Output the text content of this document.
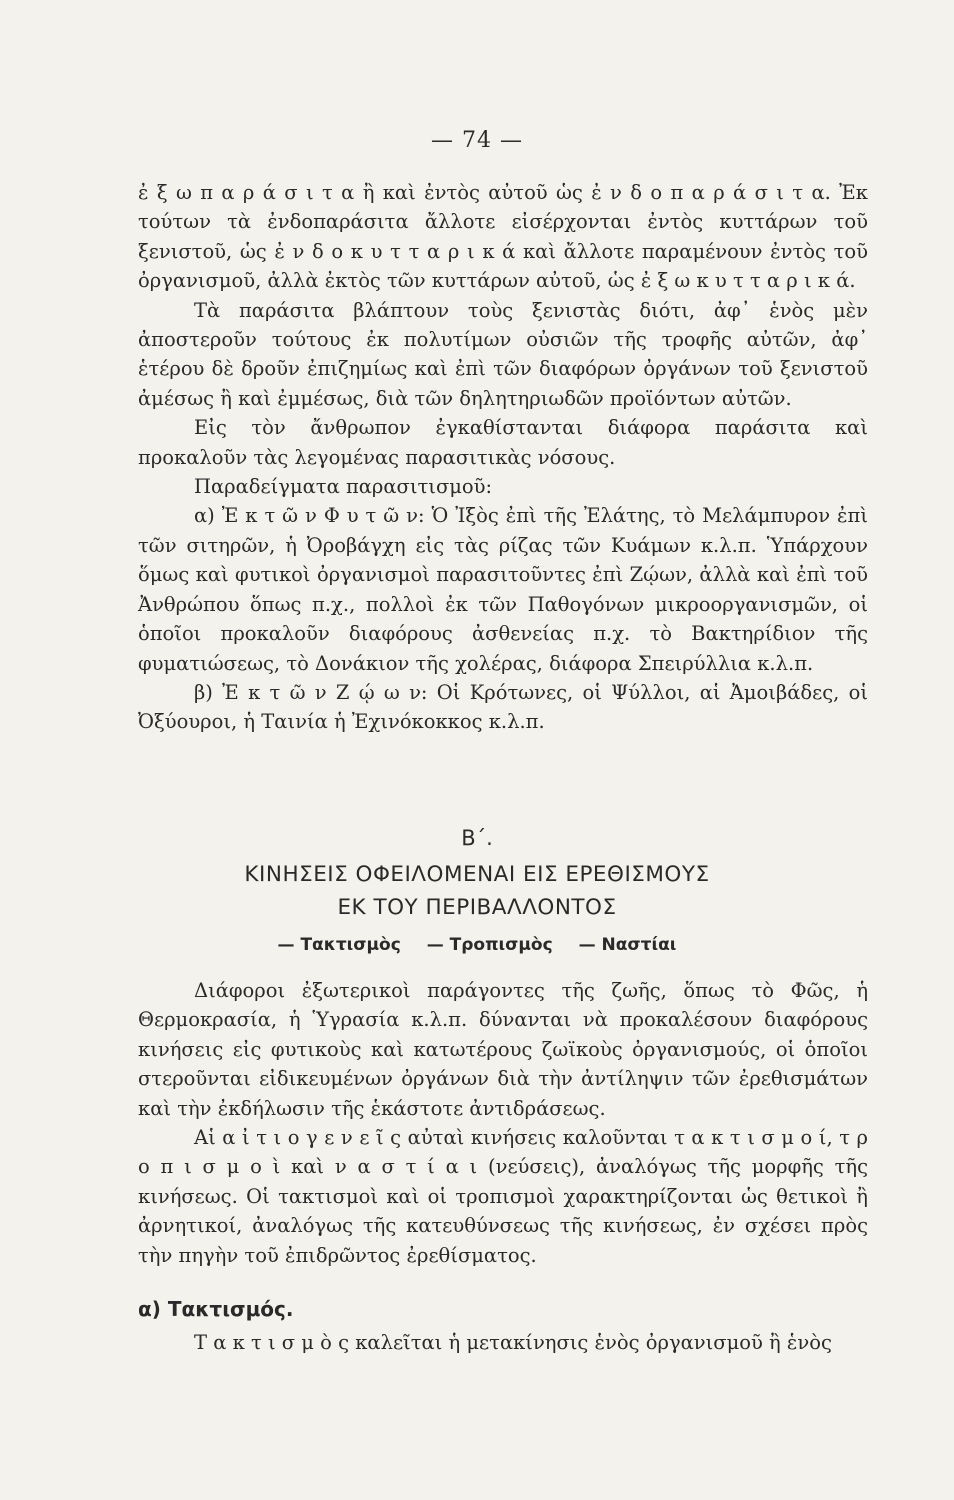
— 74 —

ἐ ξ ω π α ρ ά σ ι τ α ἢ καὶ ἐντὸς αὐτοῦ ὡς ἐ ν δ ο π α ρ ά σ ι τ α. Ἐκ τούτων τὰ ἐνδοπαράσιτα ἄλλοτε εἰσέρχονται ἐντὸς κυττάρων τοῦ ξενιστοῦ, ὡς ἐ ν δ ο κ υ τ τ α ρ ι κ ά καὶ ἄλλοτε παραμένουν ἐντὸς τοῦ ὀργανισμοῦ, ἀλλὰ ἐκτὸς τῶν κυττάρων αὐτοῦ, ὡς ἐ ξ ω κ υ τ τ α ρ ι κ ά.

Τὰ παράσιτα βλάπτουν τοὺς ξενιστὰς διότι, ἀφ᾽ ἑνὸς μὲν ἀποστεροῦν τούτους ἐκ πολυτίμων οὐσιῶν τῆς τροφῆς αὐτῶν, ἀφ᾽ ἑτέρου δὲ δροῦν ἐπιζημίως καὶ ἐπὶ τῶν διαφόρων ὀργάνων τοῦ ξενιστοῦ ἀμέσως ἢ καὶ ἐμμέσως, διὰ τῶν δηλητηριωδῶν προϊόντων αὐτῶν.

Εἰς τὸν ἄνθρωπον ἐγκαθίστανται διάφορα παράσιτα καὶ προκαλοῦν τὰς λεγομένας παρασιτικὰς νόσους.

Παραδείγματα παρασιτισμοῦ:

α) Ἐ κ τ ῶ ν Φ υ τ ῶ ν: Ὁ Ἰξὸς ἐπὶ τῆς Ἐλάτης, τὸ Μελάμπυρον ἐπὶ τῶν σιτηρῶν, ἡ Ὀροβάγχη εἰς τὰς ρίζας τῶν Κυάμων κ.λ.π. Ὑπάρχουν ὅμως καὶ φυτικοὶ ὀργανισμοὶ παρασιτοῦντες ἐπὶ Ζῴων, ἀλλὰ καὶ ἐπὶ τοῦ Ἀνθρώπου ὅπως π.χ., πολλοὶ ἐκ τῶν Παθογόνων μικροοργανισμῶν, οἱ ὁποῖοι προκαλοῦν διαφόρους ἀσθενείας π.χ. τὸ Βακτηρίδιον τῆς φυματιώσεως, τὸ Δονάκιον τῆς χολέρας, διάφορα Σπειρύλλια κ.λ.π.

β) Ἐ κ τ ῶ ν Ζ ῴ ω ν: Οἱ Κρότωνες, οἱ Ψύλλοι, αἱ Ἀμοιβάδες, οἱ Ὀξύουροι, ἡ Ταινία ἡ Ἐχινόκοκκος κ.λ.π.

Β΄.
ΚΙΝΗΣΕΙΣ ΟΦΕΙΛΟΜΕΝΑΙ ΕΙΣ ΕΡΕΘΙΣΜΟΥΣ
ΕΚ ΤΟΥ ΠΕΡΙΒΑΛΛΟΝΤΟΣ
— Τακτισμὸς — Τροπισμὸς — Ναστίαι

Διάφοροι ἐξωτερικοὶ παράγοντες τῆς ζωῆς, ὅπως τὸ Φῶς, ἡ Θερμοκρασία, ἡ Ὑγρασία κ.λ.π. δύνανται νὰ προκαλέσουν διαφόρους κινήσεις εἰς φυτικοὺς καὶ κατωτέρους ζωϊκοὺς ὀργανισμούς, οἱ ὁποῖοι στεροῦνται εἰδικευμένων ὀργάνων διὰ τὴν ἀντίληψιν τῶν ἐρεθισμάτων καὶ τὴν ἐκδήλωσιν τῆς ἑκάστοτε ἀντιδράσεως.

Αἱ α ἰ τ ι ο γ ε ν ε ῖ ς αὐταὶ κινήσεις καλοῦνται τ α κ τ ι σ μ ο ί, τ ρ ο π ι σ μ ο ὶ καὶ ν α σ τ ί α ι (νεύσεις), ἀναλόγως τῆς μορφῆς τῆς κινήσεως. Οἱ τακτισμοὶ καὶ οἱ τροπισμοὶ χαρακτηρίζονται ὡς θετικοὶ ἢ ἀρνητικοί, ἀναλόγως τῆς κατευθύνσεως τῆς κινήσεως, ἐν σχέσει πρὸς τὴν πηγὴν τοῦ ἐπιδρῶντος ἐρεθίσματος.

α) Τακτισμός.

Τ α κ τ ι σ μ ὸ ς καλεῖται ἡ μετακίνησις ἑνὸς ὀργανισμοῦ ἢ ἑνὸς
